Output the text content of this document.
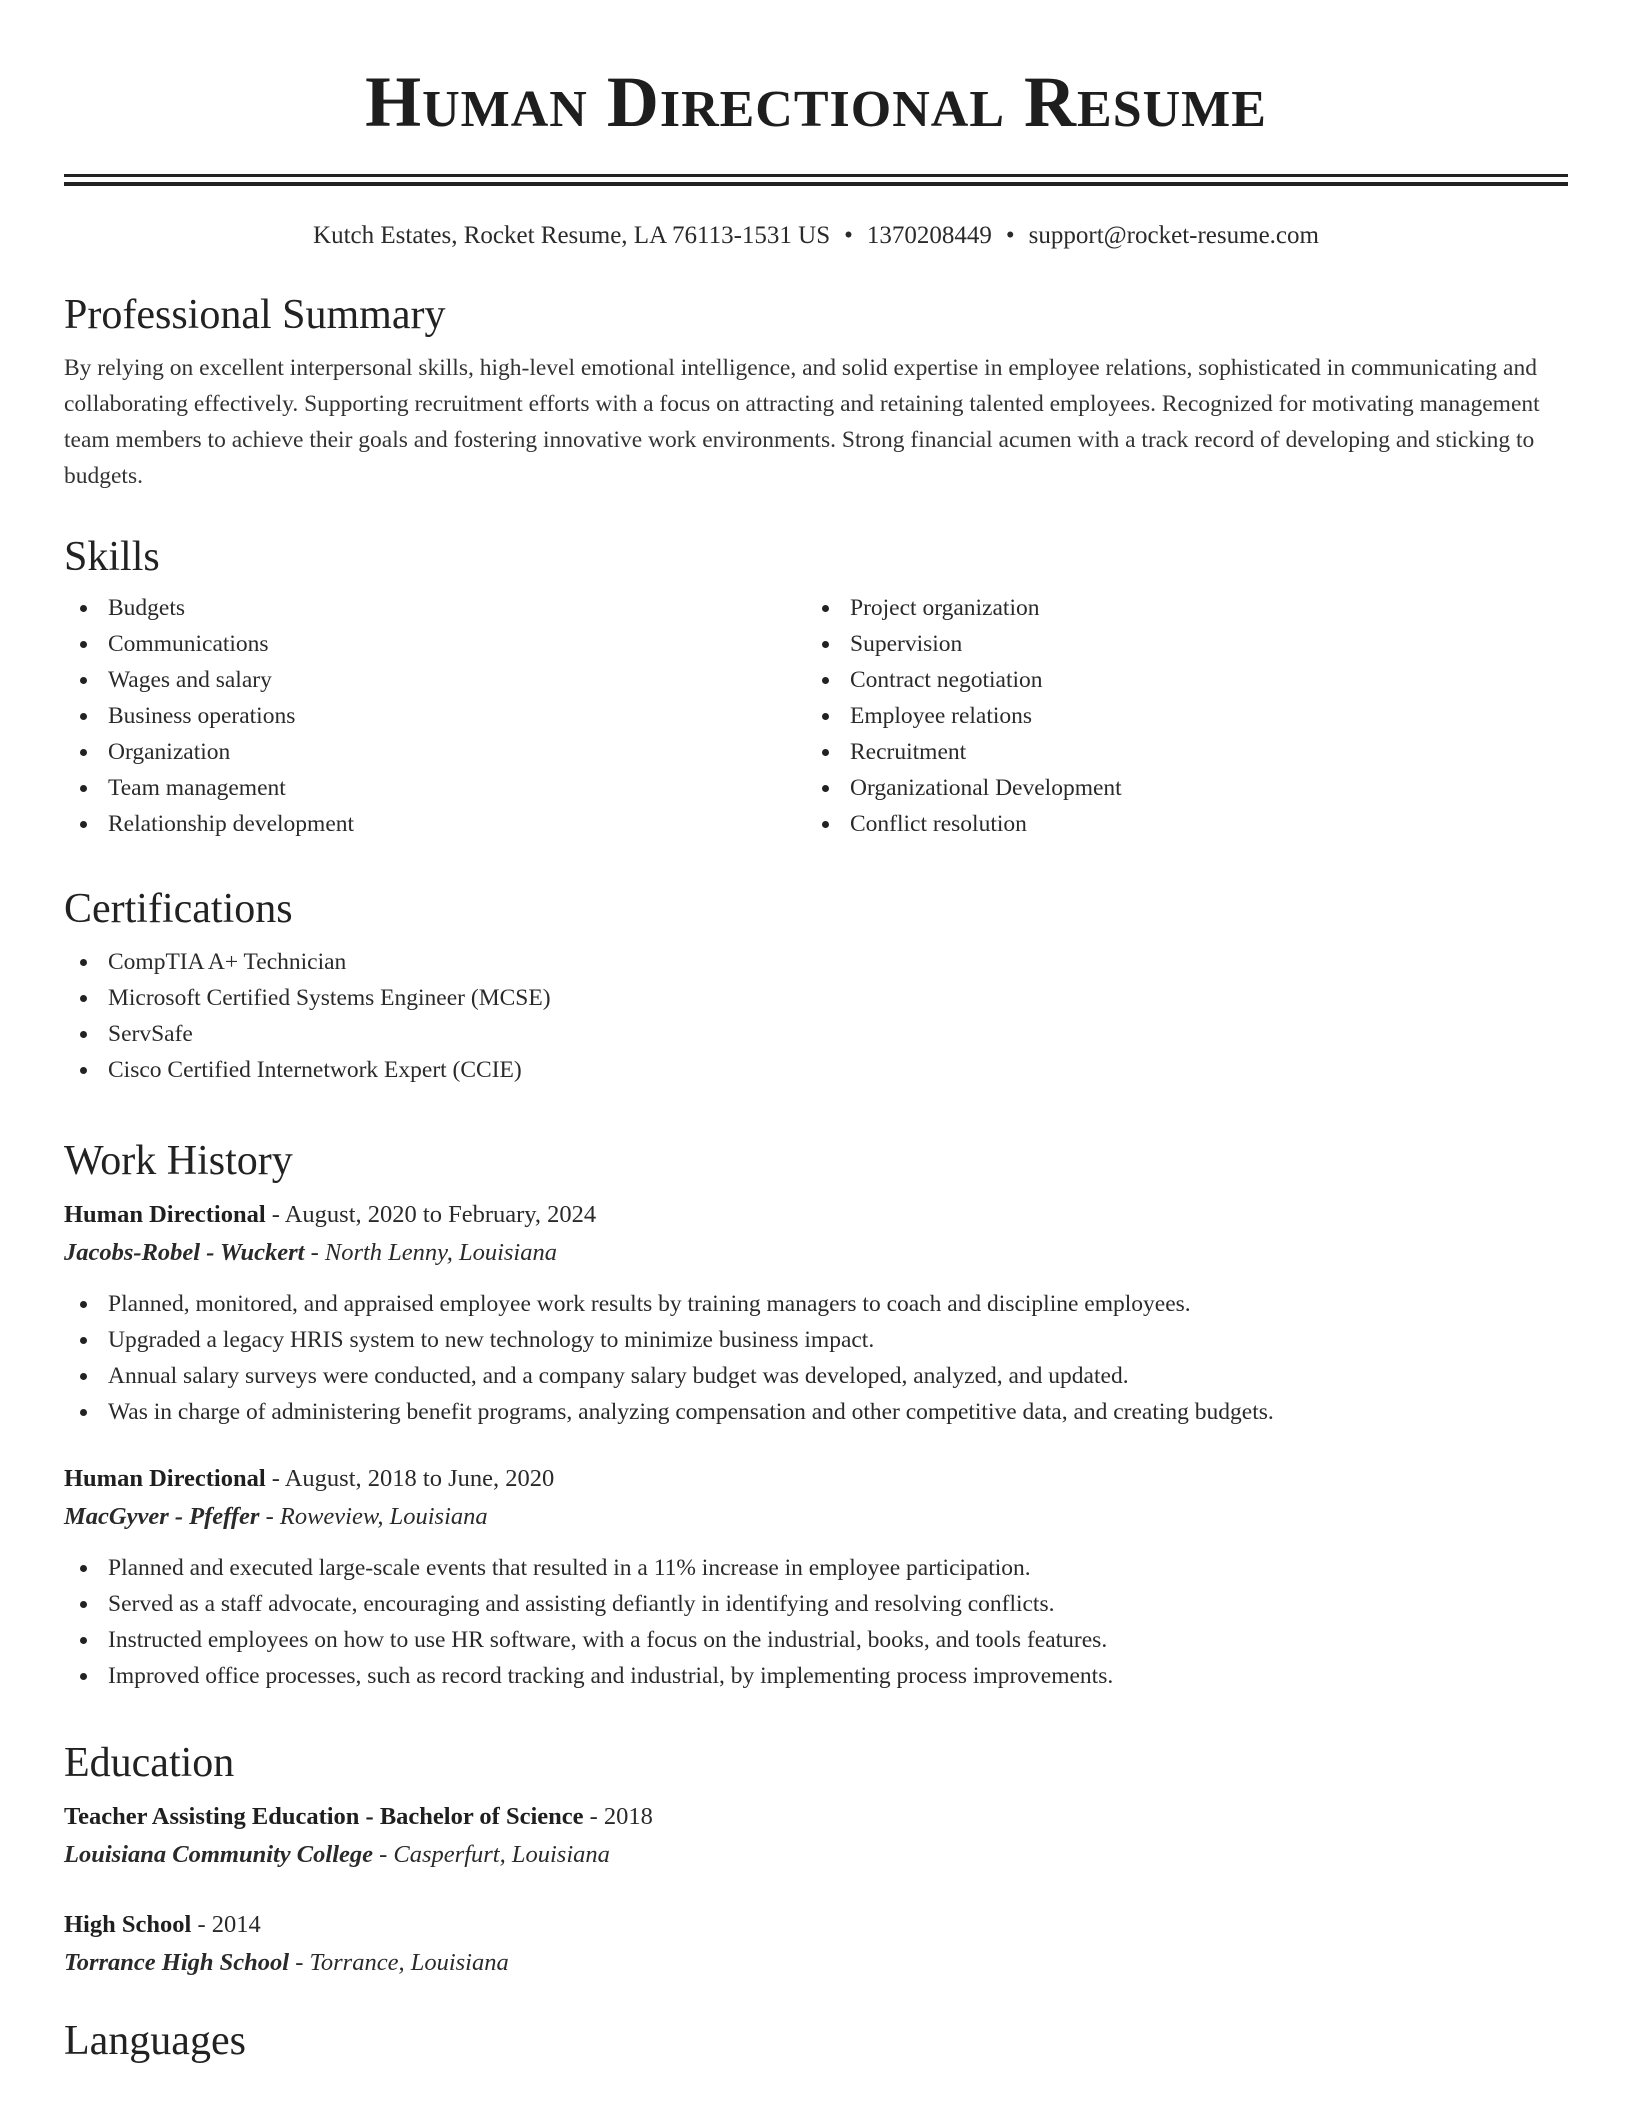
HUMAN DIRECTIONAL RESUME
Kutch Estates, Rocket Resume, LA 76113-1531 US • 1370208449 • support@rocket-resume.com
Professional Summary

By relying on excellent interpersonal skills, high-level emotional intelligence, and solid expertise in employee relations, sophisticated in communicating and collaborating effectively. Supporting recruitment efforts with a focus on attracting and retaining talented employees. Recognized for motivating management team members to achieve their goals and fostering innovative work environments. Strong financial acumen with a track record of developing and sticking to budgets.

Skills
Budgets
Communications
Wages and salary
Business operations
Organization
Team management
Relationship development
Project organization
Supervision
Contract negotiation
Employee relations
Recruitment
Organizational Development
Conflict resolution
Certifications
CompTIA A+ Technician
Microsoft Certified Systems Engineer (MCSE)
ServSafe
Cisco Certified Internetwork Expert (CCIE)
Work History
Human Directional - August, 2020 to February, 2024
Jacobs-Robel - Wuckert - North Lenny, Louisiana
Planned, monitored, and appraised employee work results by training managers to coach and discipline employees.
Upgraded a legacy HRIS system to new technology to minimize business impact.
Annual salary surveys were conducted, and a company salary budget was developed, analyzed, and updated.
Was in charge of administering benefit programs, analyzing compensation and other competitive data, and creating budgets.
Human Directional - August, 2018 to June, 2020
MacGyver - Pfeffer - Roweview, Louisiana
Planned and executed large-scale events that resulted in a 11% increase in employee participation.
Served as a staff advocate, encouraging and assisting defiantly in identifying and resolving conflicts.
Instructed employees on how to use HR software, with a focus on the industrial, books, and tools features.
Improved office processes, such as record tracking and industrial, by implementing process improvements.
Education
Teacher Assisting Education - Bachelor of Science - 2018
Louisiana Community College - Casperfurt, Louisiana
High School - 2014
Torrance High School - Torrance, Louisiana
Languages
